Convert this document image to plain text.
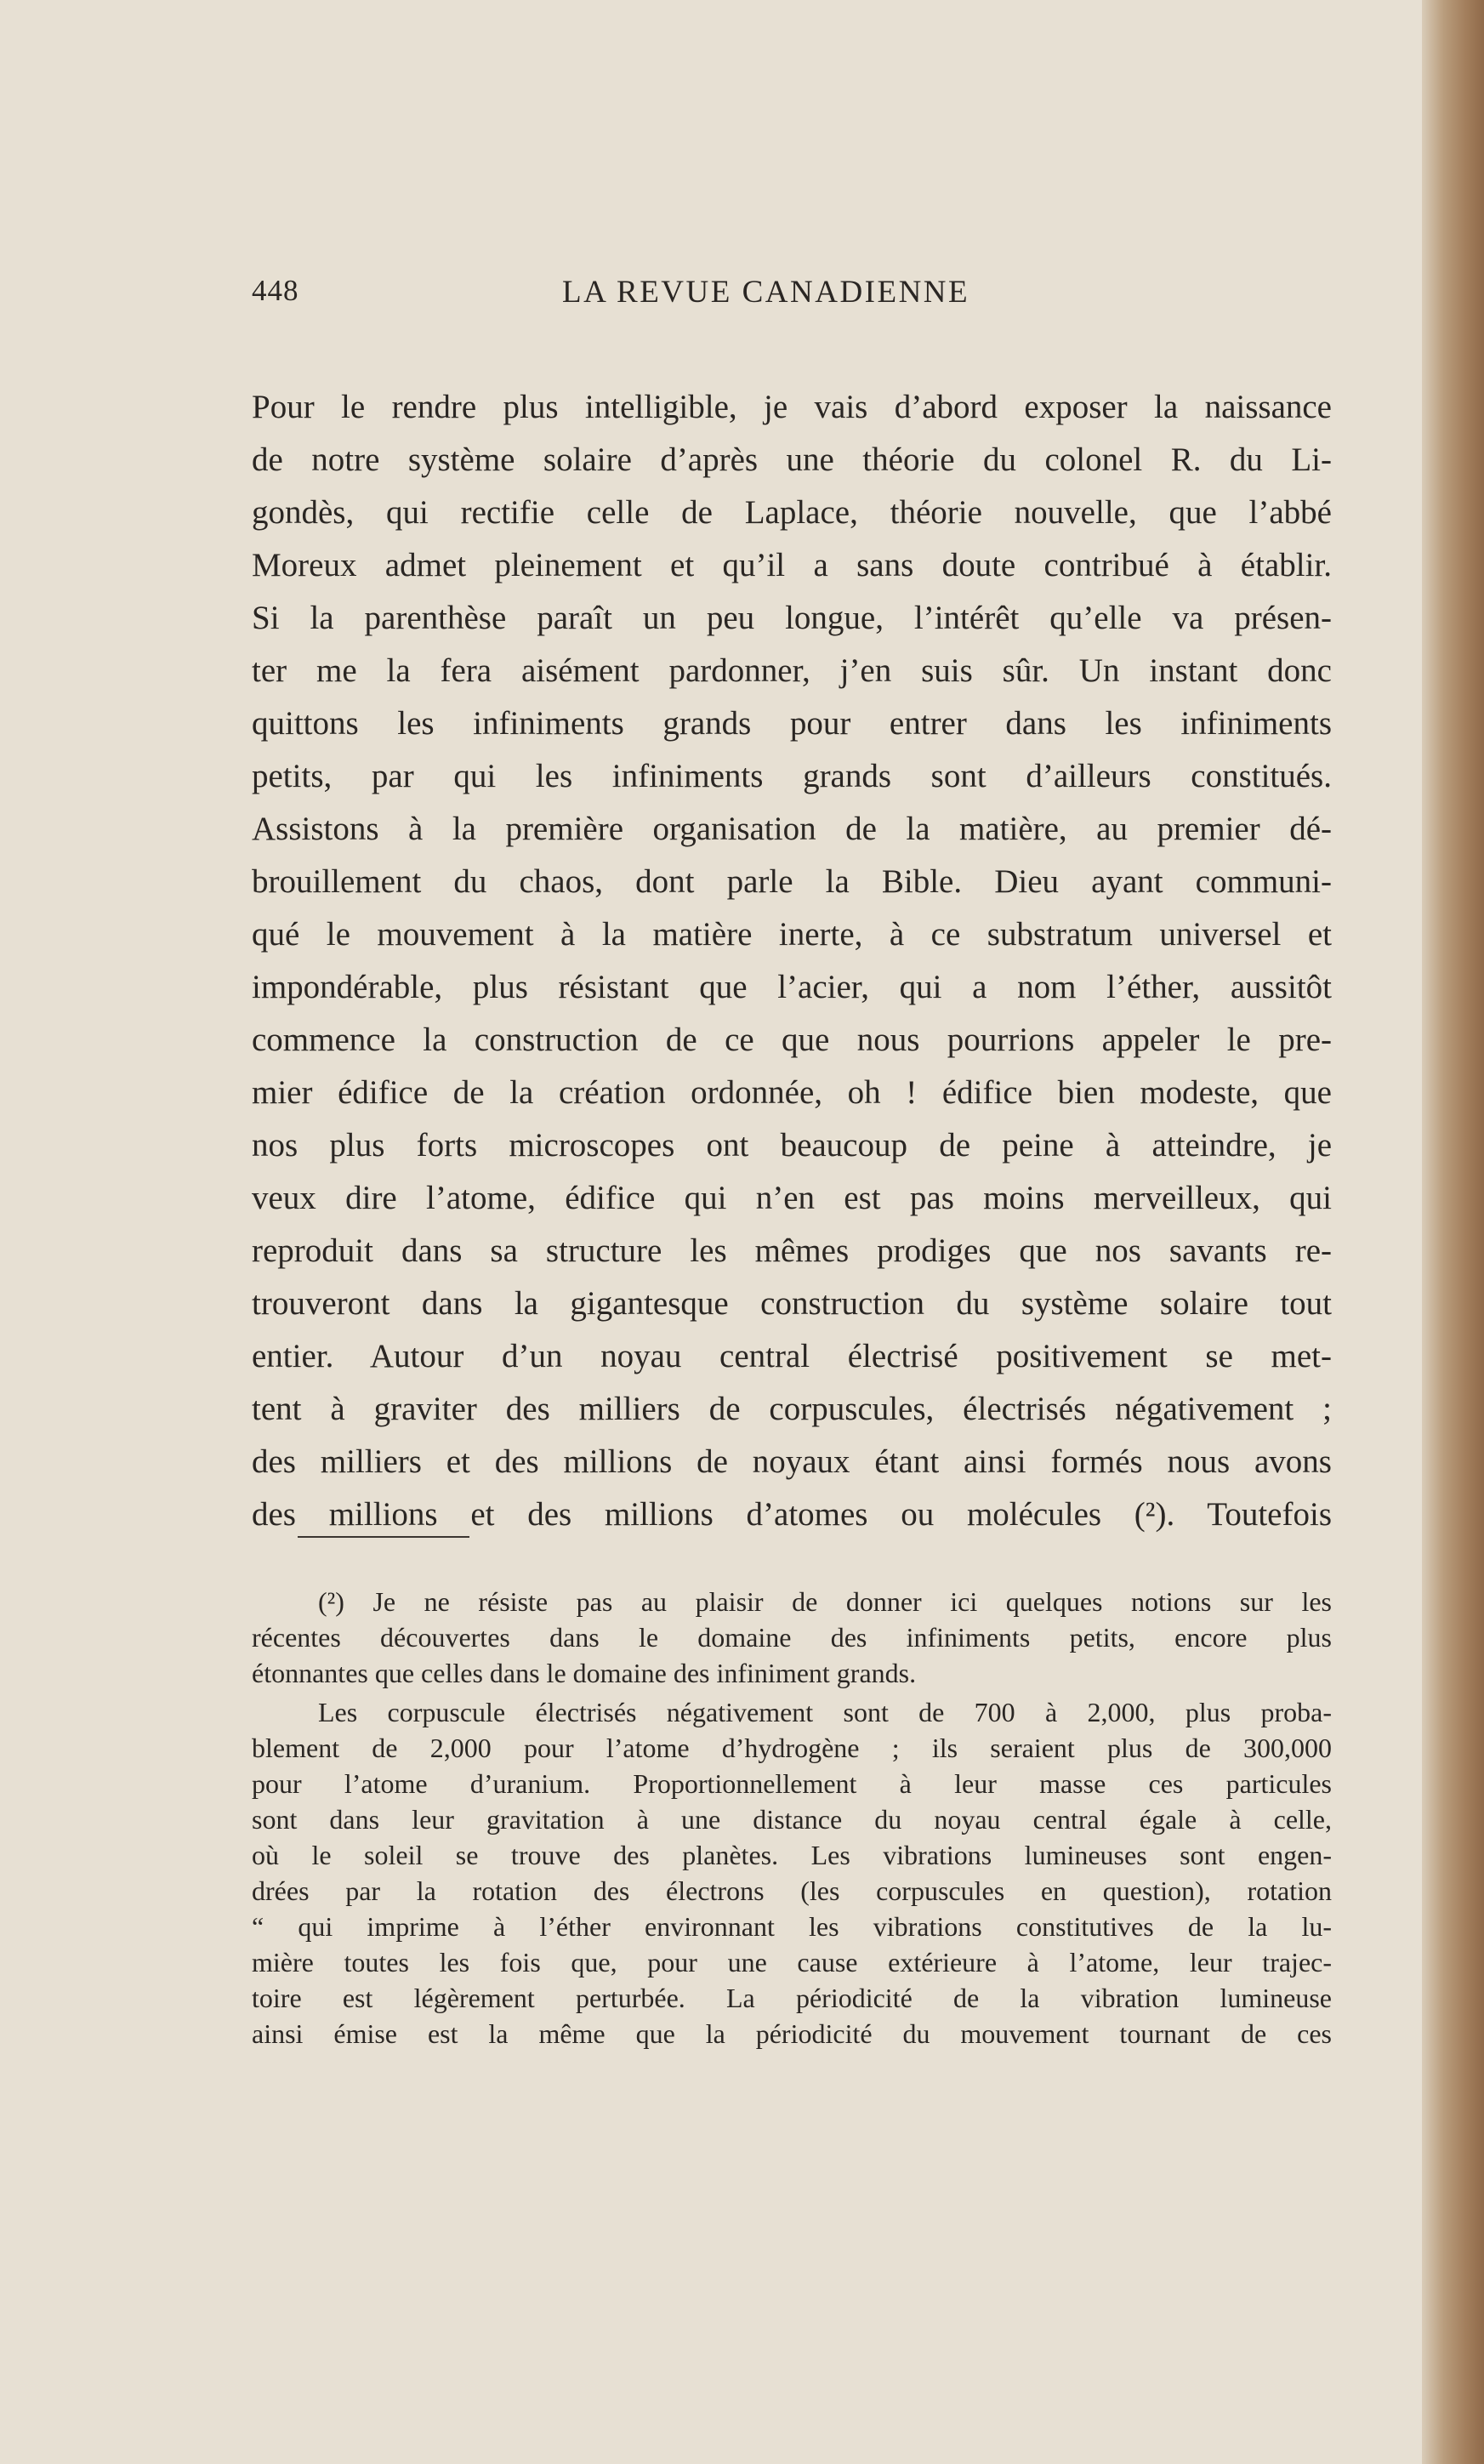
448	LA REVUE CANADIENNE
Pour le rendre plus intelligible, je vais d’abord exposer la naissance
de notre système solaire d’après une théorie du colonel R. du Li-
gondès, qui rectifie celle de Laplace, théorie nouvelle, que l’abbé
Moreux admet pleinement et qu’il a sans doute contribué à établir.
Si la parenthèse paraît un peu longue, l’intérêt qu’elle va présen-
ter me la fera aisément pardonner, j’en suis sûr. Un instant donc
quittons les infiniments grands pour entrer dans les infiniments
petits, par qui les infiniments grands sont d’ailleurs constitués.
Assistons à la première organisation de la matière, au premier dé-
brouillement du chaos, dont parle la Bible. Dieu ayant communi-
qué le mouvement à la matière inerte, à ce substratum universel et
impondérable, plus résistant que l’acier, qui a nom l’éther, aussitôt
commence la construction de ce que nous pourrions appeler le pre-
mier édifice de la création ordonnée, oh ! édifice bien modeste, que
nos plus forts microscopes ont beaucoup de peine à atteindre, je
veux dire l’atome, édifice qui n’en est pas moins merveilleux, qui
reproduit dans sa structure les mêmes prodiges que nos savants re-
trouveront dans la gigantesque construction du système solaire tout
entier. Autour d’un noyau central électrisé positivement se met-
tent à graviter des milliers de corpuscules, électrisés négativement ;
des milliers et des millions de noyaux étant ainsi formés nous avons
des millions et des millions d’atomes ou molécules (²). Toutefois
(²) Je ne résiste pas au plaisir de donner ici quelques notions sur les
récentes découvertes dans le domaine des infiniments petits, encore plus
étonnantes que celles dans le domaine des infiniment grands.
Les corpuscule électrisés négativement sont de 700 à 2,000, plus proba-
blement de 2,000 pour l’atome d’hydrogène ; ils seraient plus de 300,000
pour l’atome d’uranium. Proportionnellement à leur masse ces particules
sont dans leur gravitation à une distance du noyau central égale à celle,
où le soleil se trouve des planètes. Les vibrations lumineuses sont engen-
drées par la rotation des électrons (les corpuscules en question), rotation
“ qui imprime à l’éther environnant les vibrations constitutives de la lu-
mière toutes les fois que, pour une cause extérieure à l’atome, leur trajec-
toire est légèrement perturbée. La périodicité de la vibration lumineuse
ainsi émise est la même que la périodicité du mouvement tournant de ces
